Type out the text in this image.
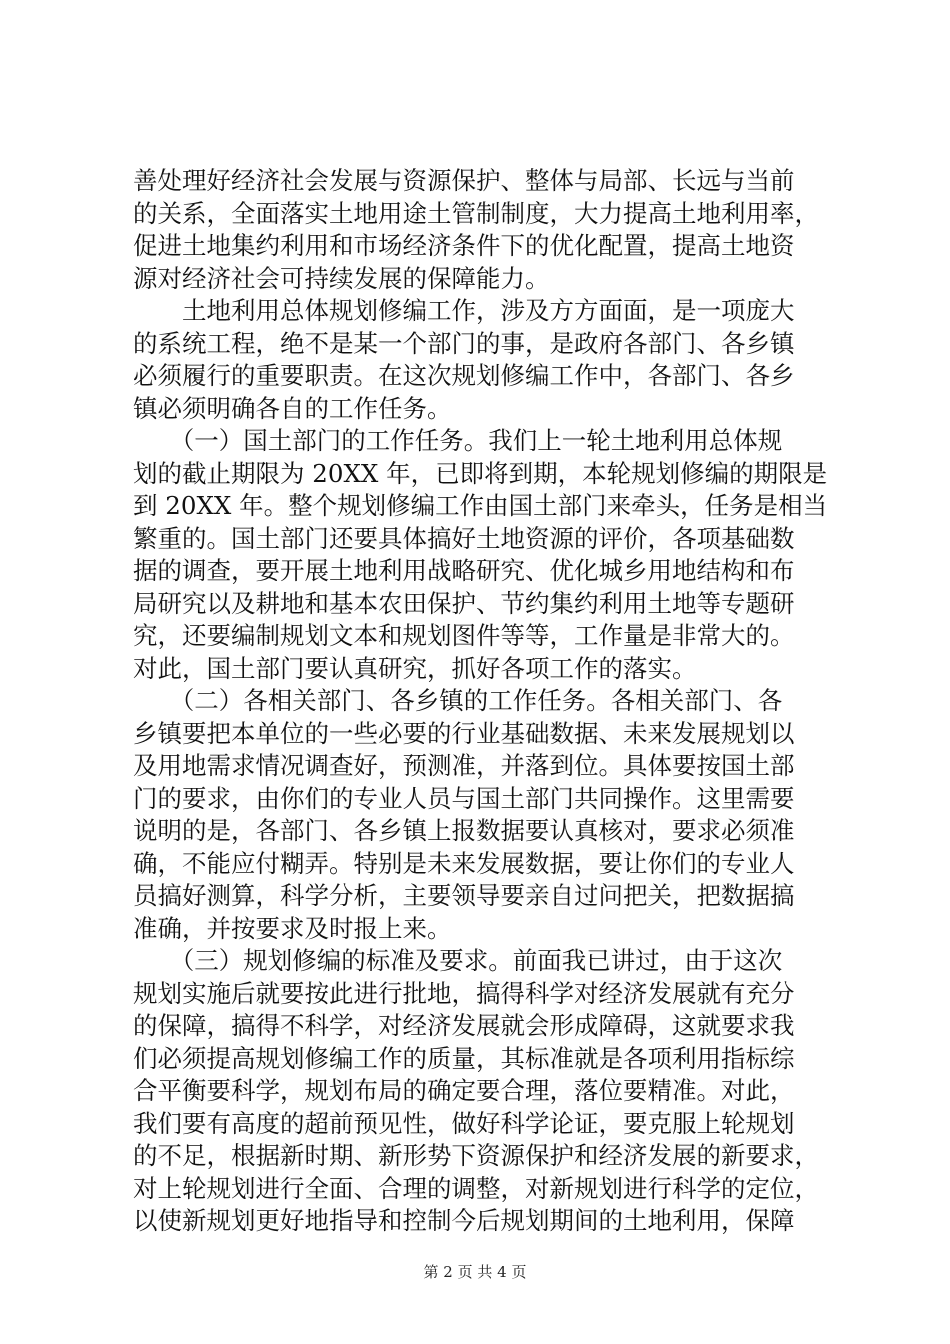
善处理好经济社会发展与资源保护、整体与局部、长远与当前
的关系，全面落实土地用途土管制制度，大力提高土地利用率，
促进土地集约利用和市场经济条件下的优化配置，提高土地资
源对经济社会可持续发展的保障能力。
　　土地利用总体规划修编工作，涉及方方面面，是一项庞大
的系统工程，绝不是某一个部门的事，是政府各部门、各乡镇
必须履行的重要职责。在这次规划修编工作中，各部门、各乡
镇必须明确各自的工作任务。
　　（一）国土部门的工作任务。我们上一轮土地利用总体规
划的截止期限为 20XX 年，已即将到期，本轮规划修编的期限是
到 20XX 年。整个规划修编工作由国土部门来牵头，任务是相当
繁重的。国土部门还要具体搞好土地资源的评价，各项基础数
据的调查，要开展土地利用战略研究、优化城乡用地结构和布
局研究以及耕地和基本农田保护、节约集约利用土地等专题研
究，还要编制规划文本和规划图件等等，工作量是非常大的。
对此，国土部门要认真研究，抓好各项工作的落实。
　　（二）各相关部门、各乡镇的工作任务。各相关部门、各
乡镇要把本单位的一些必要的行业基础数据、未来发展规划以
及用地需求情况调查好，预测准，并落到位。具体要按国土部
门的要求，由你们的专业人员与国土部门共同操作。这里需要
说明的是，各部门、各乡镇上报数据要认真核对，要求必须准
确，不能应付糊弄。特别是未来发展数据，要让你们的专业人
员搞好测算，科学分析，主要领导要亲自过问把关，把数据搞
准确，并按要求及时报上来。
　　（三）规划修编的标准及要求。前面我已讲过，由于这次
规划实施后就要按此进行批地，搞得科学对经济发展就有充分
的保障，搞得不科学，对经济发展就会形成障碍，这就要求我
们必须提高规划修编工作的质量，其标准就是各项利用指标综
合平衡要科学，规划布局的确定要合理，落位要精准。对此，
我们要有高度的超前预见性，做好科学论证，要克服上轮规划
的不足，根据新时期、新形势下资源保护和经济发展的新要求，
对上轮规划进行全面、合理的调整，对新规划进行科学的定位，
以使新规划更好地指导和控制今后规划期间的土地利用，保障
第 2 页 共 4 页
